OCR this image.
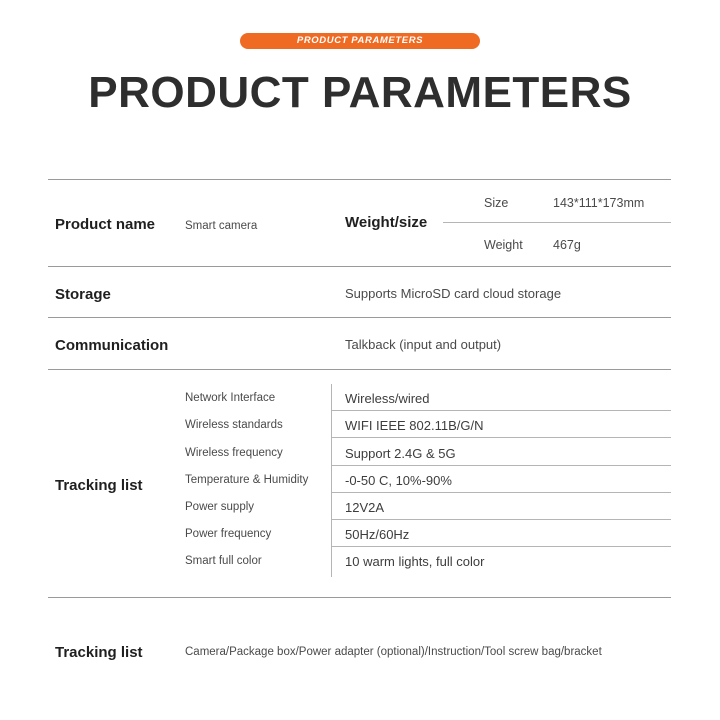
PRODUCT PARAMETERS
PRODUCT PARAMETERS
Product name	Smart camera	Weight/size
Size	143*111*173mm
Weight 467g
Storage	Supports MicroSD card cloud storage
Communication	Talkback (input and output)
Tracking list
Network Interface	Wireless/wired
Wireless standards	WIFI IEEE 802.11B/G/N
Wireless frequency	Support 2.4G & 5G
Temperature & Humidity	-0-50 C, 10%-90%
Power supply	12V2A
Power frequency	50Hz/60Hz
Smart full color	10 warm lights, full color
Tracking list	Camera/Package box/Power adapter (optional)/Instruction/Tool screw bag/bracket
